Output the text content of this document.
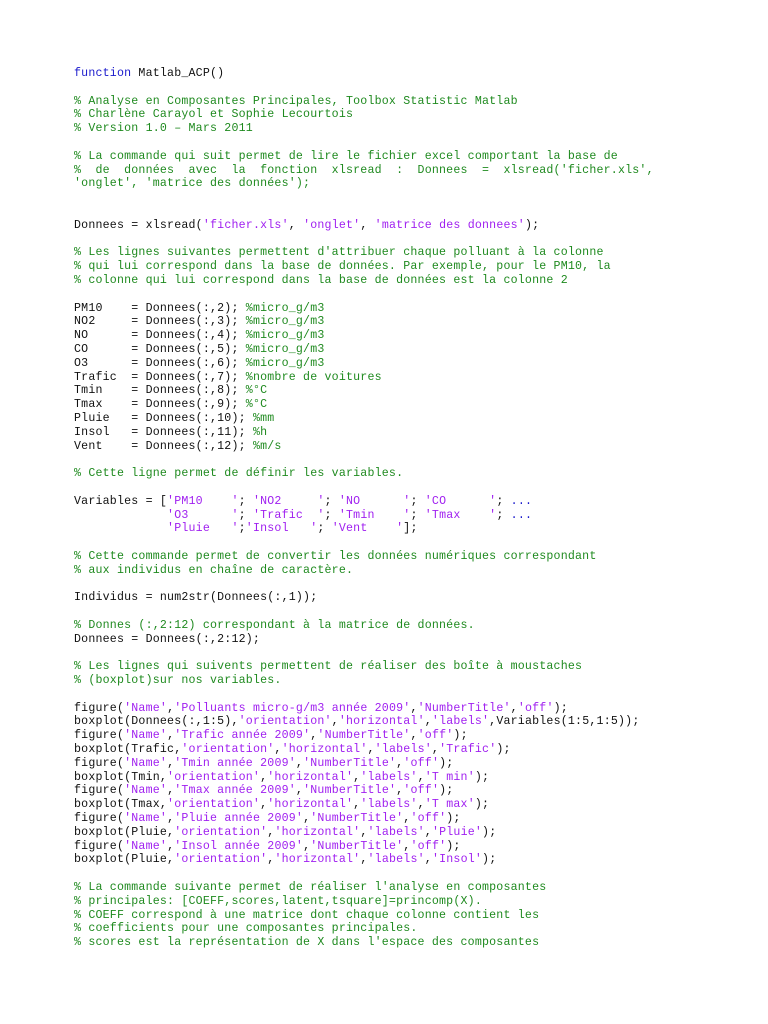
function Matlab_ACP()
% Analyse en Composantes Principales, Toolbox Statistic Matlab
% Charlène Carayol et Sophie Lecourtois
% Version 1.0 – Mars 2011
% La commande qui suit permet de lire le fichier excel comportant la base de
%  de  données  avec  la  fonction  xlsread  :  Donnees  =  xlsread('ficher.xls',
'onglet', 'matrice des données');
Donnees = xlsread('ficher.xls', 'onglet', 'matrice des donnees');
% Les lignes suivantes permettent d'attribuer chaque polluant à la colonne
% qui lui correspond dans la base de données. Par exemple, pour le PM10, la
% colonne qui lui correspond dans la base de données est la colonne 2
PM10    = Donnees(:,2); %micro_g/m3
NO2     = Donnees(:,3); %micro_g/m3
NO      = Donnees(:,4); %micro_g/m3
CO      = Donnees(:,5); %micro_g/m3
O3      = Donnees(:,6); %micro_g/m3
Trafic  = Donnees(:,7); %nombre de voitures
Tmin    = Donnees(:,8); %°C
Tmax    = Donnees(:,9); %°C
Pluie   = Donnees(:,10); %mm
Insol   = Donnees(:,11); %h
Vent    = Donnees(:,12); %m/s
% Cette ligne permet de définir les variables.
Variables = ['PM10    '; 'NO2     '; 'NO      '; 'CO      '; ...
'O3      '; 'Trafic  '; 'Tmin    '; 'Tmax    '; ...
'Pluie   ';'Insol   '; 'Vent    '];
% Cette commande permet de convertir les données numériques correspondant
% aux individus en chaîne de caractère.
Individus = num2str(Donnees(:,1));
% Donnes (:,2:12) correspondant à la matrice de données.
Donnees = Donnees(:,2:12);
% Les lignes qui suivents permettent de réaliser des boîte à moustaches
% (boxplot)sur nos variables.
figure('Name','Polluants micro-g/m3 année 2009','NumberTitle','off');
boxplot(Donnees(:,1:5),'orientation','horizontal','labels',Variables(1:5,1:5));
figure('Name','Trafic année 2009','NumberTitle','off');
boxplot(Trafic,'orientation','horizontal','labels','Trafic');
figure('Name','Tmin année 2009','NumberTitle','off');
boxplot(Tmin,'orientation','horizontal','labels','T min');
figure('Name','Tmax année 2009','NumberTitle','off');
boxplot(Tmax,'orientation','horizontal','labels','T max');
figure('Name','Pluie année 2009','NumberTitle','off');
boxplot(Pluie,'orientation','horizontal','labels','Pluie');
figure('Name','Insol année 2009','NumberTitle','off');
boxplot(Pluie,'orientation','horizontal','labels','Insol');
% La commande suivante permet de réaliser l'analyse en composantes
% principales: [COEFF,scores,latent,tsquare]=princomp(X).
% COEFF correspond à une matrice dont chaque colonne contient les
% coefficients pour une composantes principales.
% scores est la représentation de X dans l'espace des composantes
